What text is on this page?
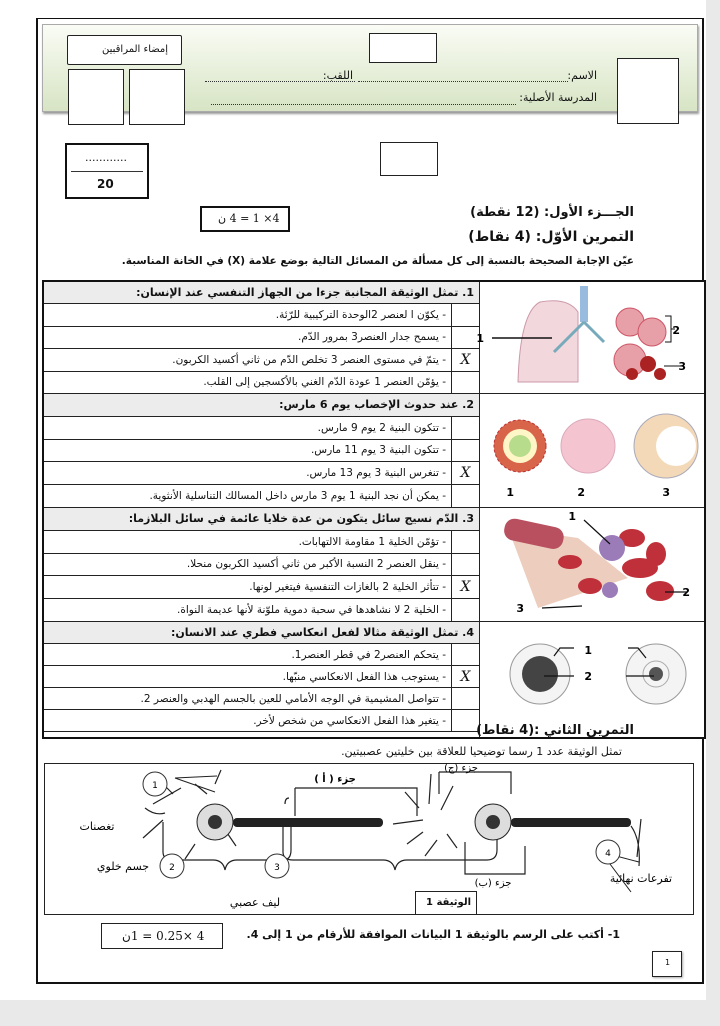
إمضاء المراقبين
الاسم:
اللقب:
المدرسة الأصلية:
............
20
الجـــزء الأول: (12 نقطة)
4× 1 = 4 ن
التمرين الأوّل: (4 نقاط)
عيّن الإجابة الصحيحة بالنسبة إلى كل مسألة من المسائل التالية بوضع علامة (X) في الخانة المناسبة.
1. تمثل الوثيقة المجانبة جزءا من الجهاز التنفسي عند الإنسان:		1
2
3

- يكوّن ا لعنصر 2الوحدة التركيبية للرّئة.		
- يسمح جدار العنصر3 بمرور الدّم.		
- يتمّ في مستوى العنصر 3 تخلص الدّم من ثاني أكسيد الكربون.	X	
- يؤمّن العنصر 1 عودة الدّم الغني بالأكسجين إلى القلب.		
2. عند حدوث الإخصاب يوم 6 مارس:		1 2 3

- تتكون البنية 2 يوم 9 مارس.		
- تتكون البنية 3 يوم 11 مارس.		
- تنغرس البنية 3 يوم 13 مارس.	X	
- يمكن أن نجد البنية 1 يوم 3 مارس داخل المسالك التناسلية الأنثوية.		
3. الدّم نسيج سائل يتكون من عدة خلايا عائمة في سائل البلازما:		1
2
3

- تؤمّن الخلية 1 مقاومة الالتهابات.		
- ينقل العنصر 2 النسبة الأكبر من ثاني أكسيد الكربون منحلا.		
- تتأثر الخلية 2 بالغازات التنفسية فيتغير لونها.	X	
- الخلية 2 لا نشاهدها في سحبة دموية ملوّنة لأنها عديمة النواة.		
4. تمثل الوثيقة مثالا لفعل انعكاسي فطري عند الانسان:		1
2

- يتحكم العنصر2 في قطر العنصر1.		
- يستوجب هذا الفعل الانعكاسي منبّها.	X	
- تتواصل المشيمية في الوجه الأمامي للعين بالجسم الهدبي والعنصر 2.		
- يتغير هذا الفعل الانعكاسي من شخص لأخر.		

التمرين الثاني :(4 نقاط)
تمثل الوثيقة عدد 1 رسما توضيحيا للعلاقة بين خليتين عصبيتين.
1
2	3
4
جزء ( أ )
جزء (ب)
جزء (ج)
تغصنات
جسم خلوي
ليف عصبي
تفرعات نهائية
الوثيقة 1
4 ×0.25 = 1ن	1- أكتب على الرسم بالوثيقة 1 البيانات الموافقة للأرقام من 1 إلى 4.
1
